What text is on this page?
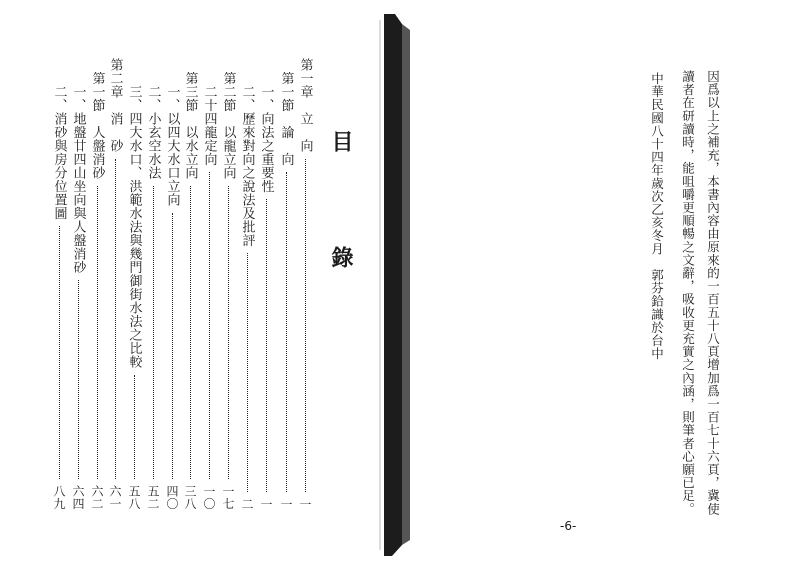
目　錄
第一章　立　向
一
　第一節　論　向
一
　　一、向法之重要性
一
　　二、歷來對向之說法及批評
二
　第二節　以龍立向
一七
　　二十四龍定向
一〇
　第三節　以水立向
三八
　　一、以四大水口立向
四〇
　　二、小玄空水法
五二
　　三、四大水口、洪範水法與幾門御街水法之比較
五八
第二章　消　砂
六一
　第一節　人盤消砂
六二
　　一、地盤廿四山坐向與人盤消砂
六四
　　二、消砂與房分位置圖
八九	因爲以上之補充，本書內容由原來的一百五十八頁增加爲一百七十六頁，冀使
讀者在研讀時，能咀嚼更順暢之文辭，吸收更充實之內涵，則筆者心願已足。
中華民國八十四年歲次乙亥冬月　郭芬鉿識於台中
-6-
